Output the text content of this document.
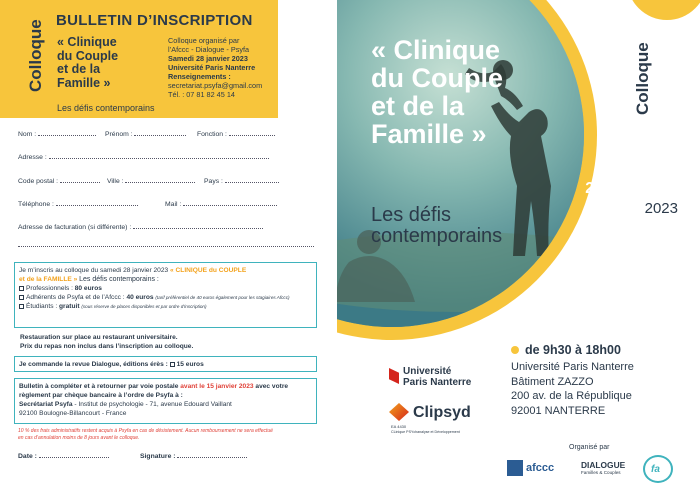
Colloque BULLETIN D’INSCRIPTION
« Clinique
du Couple
et de la
Famille »
Les défis contemporains
Colloque organisé par
l’Afccc - Dialogue - Psyfa
Samedi 28 janvier 2023
Université Paris Nanterre
Renseignements :
secretariat.psyfa@gmail.com
Tél. : 07 81 82 45 14
Nom :	Prénom :	Fonction :
Adresse :
Code postal :	Ville :	Pays :
Téléphone :	Mail :
Adresse de facturation (si différente) :

Je m’inscris au colloque du samedi 28 janvier 2023 « CLINIQUE du COUPLE

et de la FAMILLE » Les défis contemporains :

Professionnels : 80 euros

Adhérents de Psyfa et de l’Afccc : 40 euros (tarif préférentiel de 40 euros également pour les stagiaires Afccc)

Étudiants : gratuit (sous réserve de places disponibles et par ordre d’inscription)

Restauration sur place au restaurant universitaire.
Prix du repas non inclus dans l’inscription au colloque.

Je commande la revue Dialogue, éditions érès : 15 euros

Bulletin à compléter et à retourner par voie postale avant le 15 janvier 2023 avec votre

règlement par chèque bancaire à l’ordre de Psyfa à :

Secrétariat Psyfa - Institut de psychologie - 71, avenue Edouard Vaillant

92100 Boulogne-Billancourt - France

10 % des frais administratifs restent acquis à Psyfa en cas de désistement. Aucun remboursement ne sera effectué
en cas d’annulation moins de 8 jours avant le colloque.
Date :	Signature :
« Clinique
du Couple
et de la
Famille »
Les défis
contemporains
SAMEDI
28 JANVIER
2023
Colloque
de 9h30 à 18h00
Université Paris Nanterre
Bâtiment ZAZZO
200 av. de la République
92001 NANTERRE
Université
Paris Nanterre
Clipsyd
EA 4430
CLinique PSYchanalyse et Développement
Organisé par
afccc	DIALOGUE
Familles & Couples	fa
